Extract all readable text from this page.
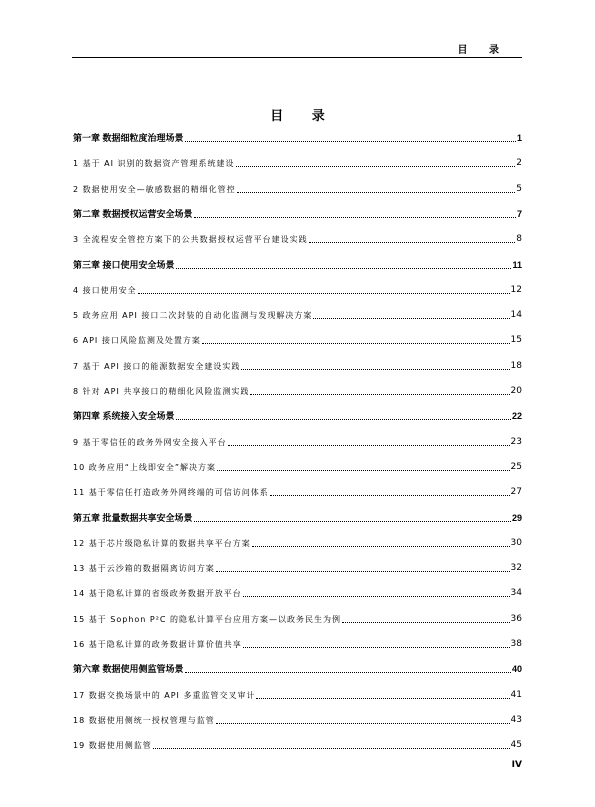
目 录
目 录
第一章 数据细粒度治理场景	1
1 基于 AI 识别的数据资产管理系统建设	2
2 数据使用安全—敏感数据的精细化管控	5
第二章 数据授权运营安全场景	7
3 全流程安全管控方案下的公共数据授权运营平台建设实践	8
第三章 接口使用安全场景	11
4 接口使用安全	12
5 政务应用 API 接口二次封装的自动化监测与发现解决方案	14
6 API 接口风险监测及处置方案	15
7 基于 API 接口的能源数据安全建设实践	18
8 针对 API 共享接口的精细化风险监测实践	20
第四章 系统接入安全场景	22
9 基于零信任的政务外网安全接入平台	23
10 政务应用“上线即安全”解决方案	25
11 基于零信任打造政务外网终端的可信访问体系	27
第五章 批量数据共享安全场景	29
12 基于芯片级隐私计算的数据共享平台方案	30
13 基于云沙箱的数据隔离访问方案	32
14 基于隐私计算的省级政务数据开放平台	34
15 基于 Sophon P²C 的隐私计算平台应用方案—以政务民生为例	36
16 基于隐私计算的政务数据计算价值共享	38
第六章 数据使用侧监管场景	40
17 数据交换场景中的 API 多重监管交叉审计	41
18 数据使用侧统一授权管理与监管	43
19 数据使用侧监管	45
IV
